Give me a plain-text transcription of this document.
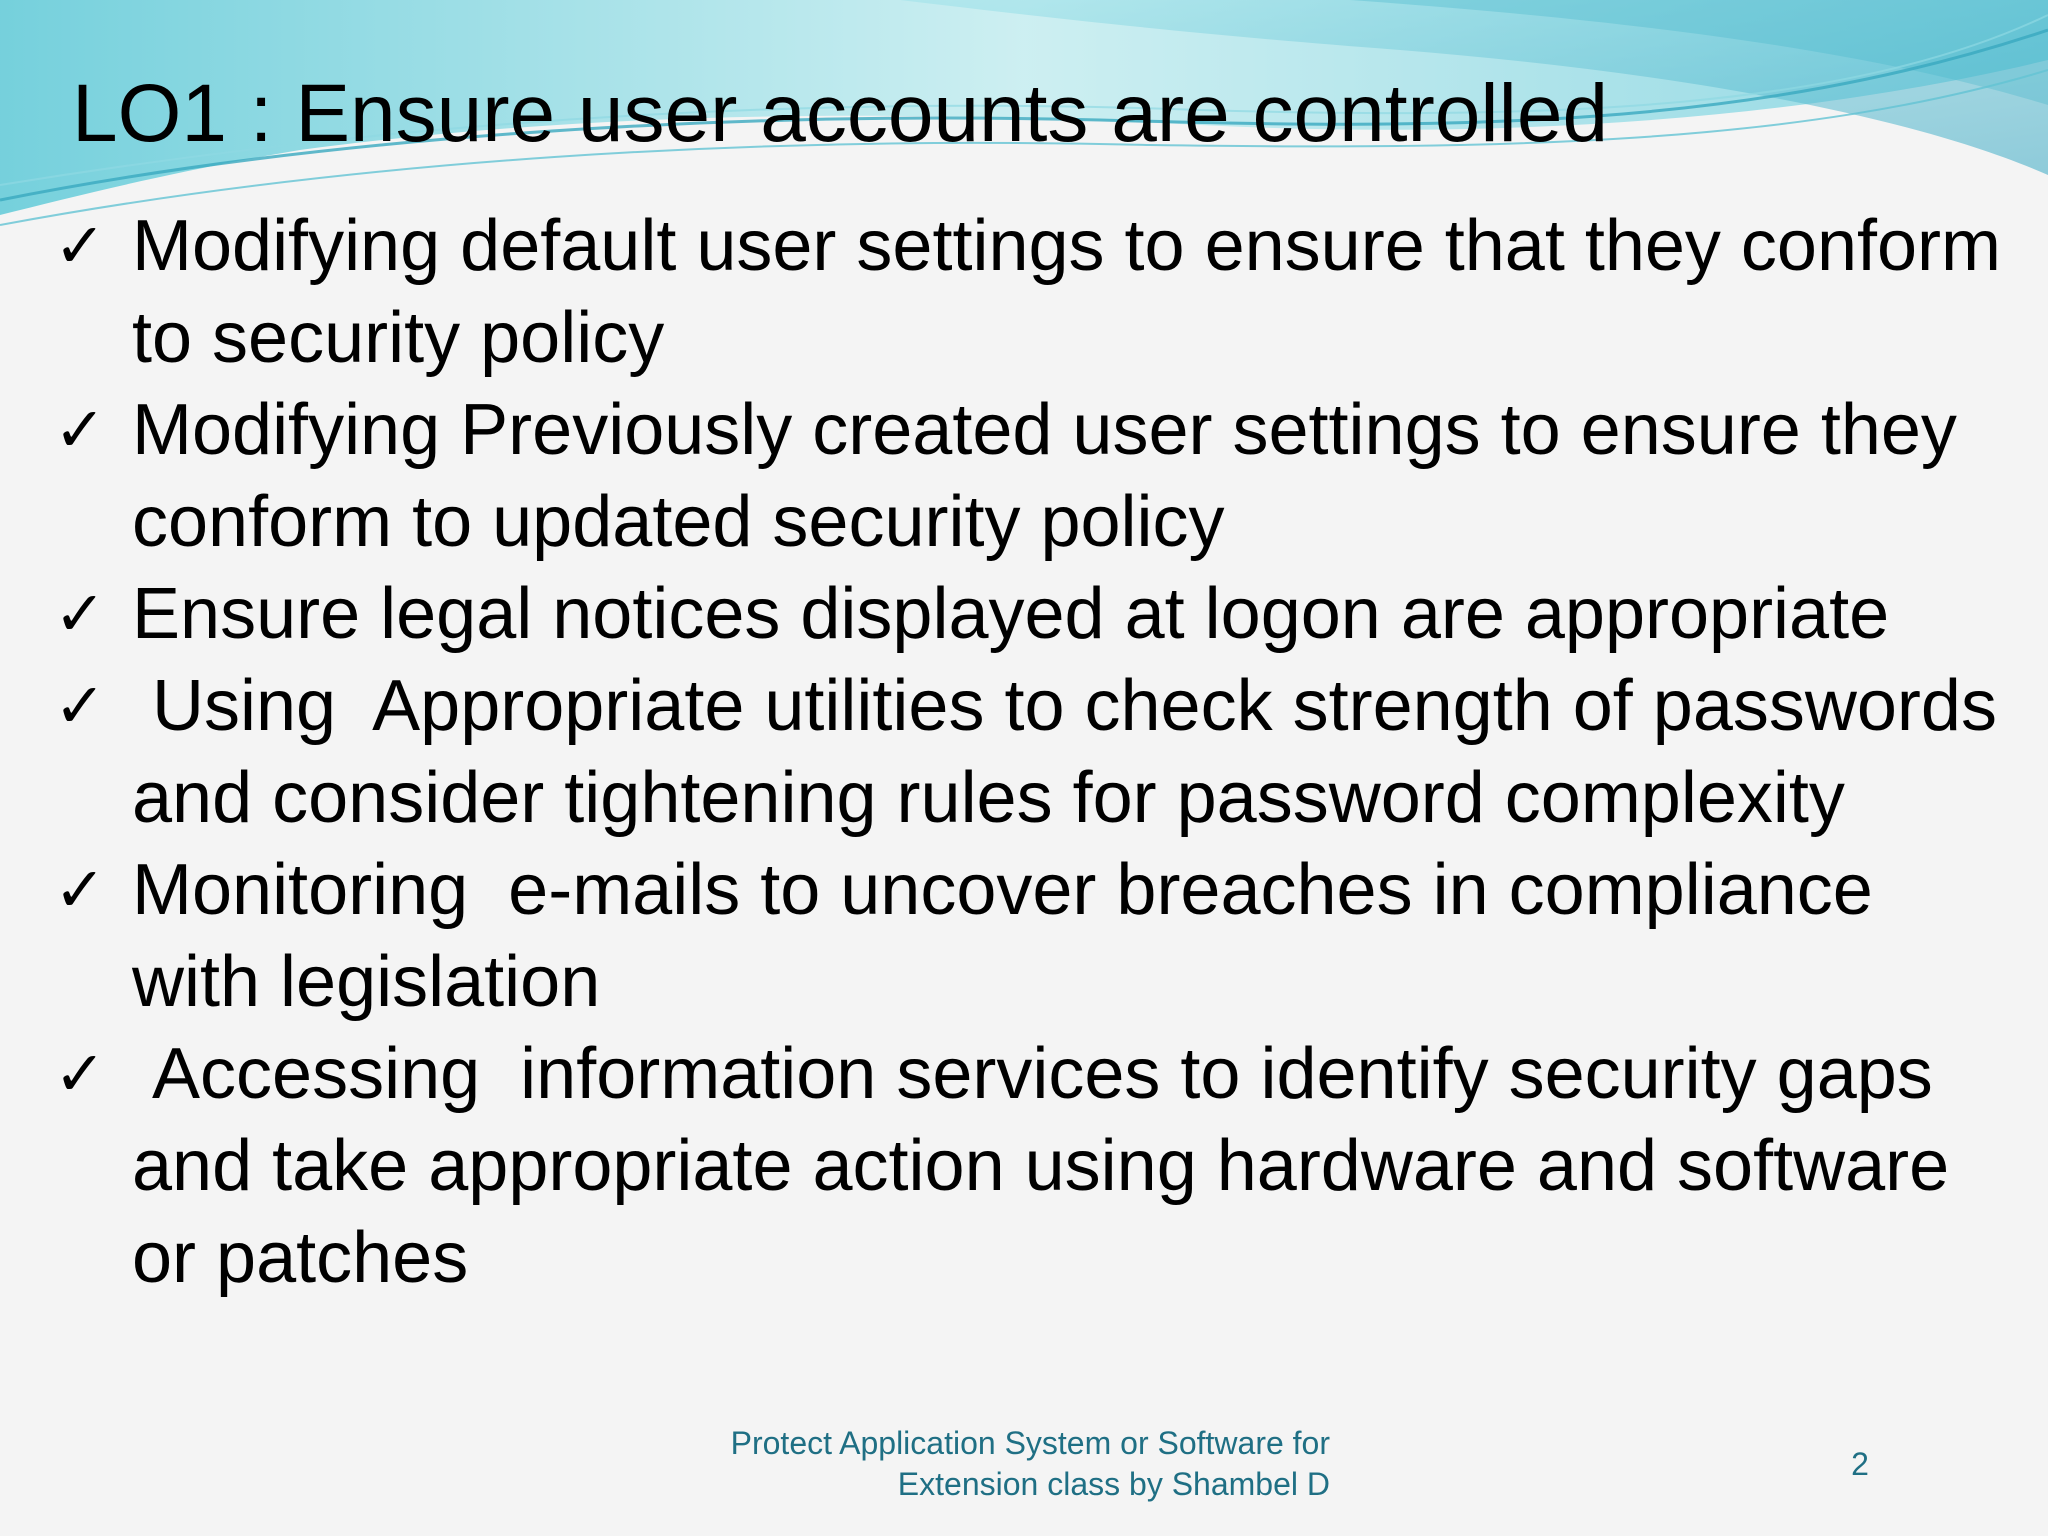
LO1 : Ensure user accounts are controlled
✓ Modifying default user settings to ensure that they conform to security policy
✓ Modifying Previously created user settings to ensure they conform to updated security policy
✓ Ensure legal notices displayed at logon are appropriate
✓ Using  Appropriate utilities to check strength of passwords and consider tightening rules for password complexity
✓ Monitoring  e-mails to uncover breaches in compliance with legislation
✓ Accessing  information services to identify security gaps and take appropriate action using hardware and software or patches
Protect Application System or Software for
Extension class by Shambel D
2
